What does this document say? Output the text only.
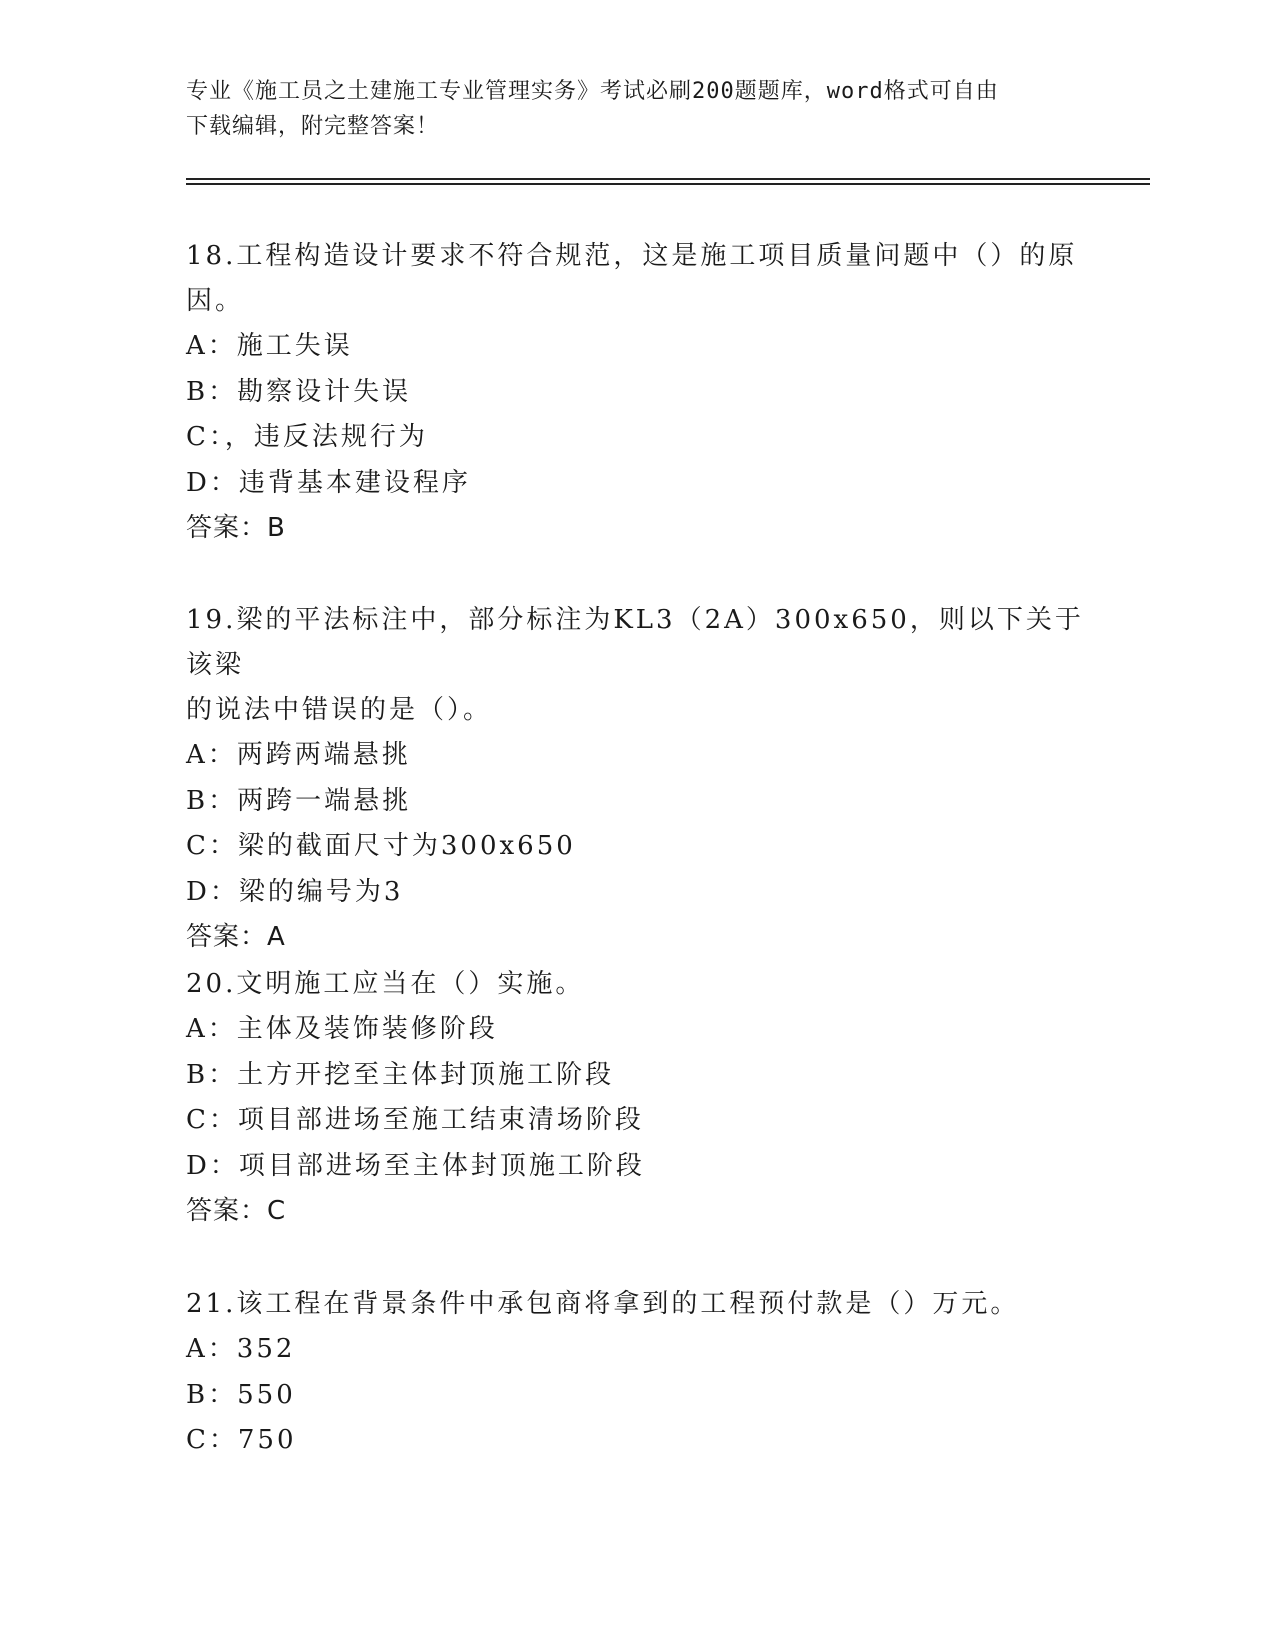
专业《施工员之土建施工专业管理实务》考试必刷200题题库，word格式可自由
下载编辑，附完整答案！

18.工程构造设计要求不符合规范，这是施工项目质量问题中（）的原

因。

A：施工失误

B：勘察设计失误

C：，违反法规行为

D：违背基本建设程序

答案：B

19.梁的平法标注中，部分标注为KL3（2A）300x650，则以下关于该梁

的说法中错误的是（）。

A：两跨两端悬挑

B：两跨一端悬挑

C：梁的截面尺寸为300x650

D：梁的编号为3

答案：A

20.文明施工应当在（）实施。

A：主体及装饰装修阶段

B：土方开挖至主体封顶施工阶段

C：项目部进场至施工结束清场阶段

D：项目部进场至主体封顶施工阶段

答案：C

21.该工程在背景条件中承包商将拿到的工程预付款是（）万元。

A：352

B：550

C：750
